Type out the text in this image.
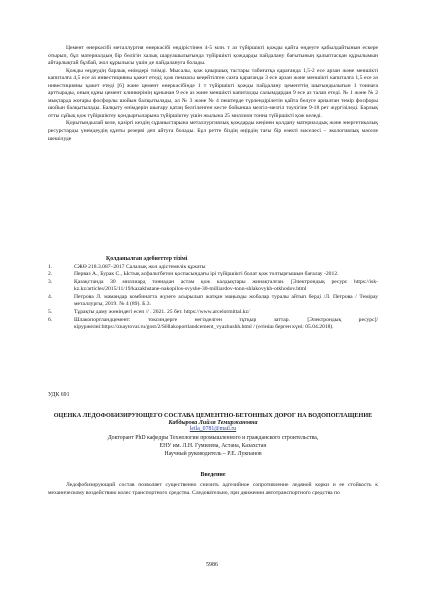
Цемент өнеркәсібі металлургия өнеркәсібі өндірістінен 4-5 млн. т аз түйіршікті қожды қайта өңдеуге қабылдайтынын ескере отырып, бұл материалдың бір бөлігін халық шаруашылығында түйіршікті қождарды пайдалану бағытының қалыптасқан құрылымын айтарлықтай бұзбай, жол құрылысы үшін де пайдалануға болады.

Қожды өңдеудің барлық өнімдері тиімді. Мысалы, қож қиыршық тастары табиғатқа қарағанда 1,5-2 есе арзан және меншікті капиталға 4,5 есе аз инвестицияны қажет етеді; қож пемзасы кеңейтілген сазға қарағанда 3 есе арзан және меншікті капиталға 1,5 есе аз инвестицияны қажет етеді [6] және цемент өнеркәсібінде 1 т түйіршікті қожды пайдалану цементтің шығындылығын 1 тоннаға арттырады, оның құны цемент клинкерінің құнынан 9 есе аз және меншікті капиталды салымдардан 9 есе аз талап етеді. № 1 және № 2 мықтарда жоғары фосфорлы шойын балқытылады, ал № 3 және № 4 пештерде түрлендірілетін қайта бөлуге арналған темір фосфоры шойын балқытылады. Балқыту өнімдерін шығару қатаң белгіленген кесте бойынша мезгіл-мезгіл тәулігіне 9-18 рет жүргізіледі. Барлық отты сұйық қож түйіршіктеу қондырғыларына түйіршіктеу үшін жылына 25 миллион тонна түйіршікті қож келеді.

Қорытындылай келе, қазіргі кездің сұраныстарына металлургиялық қождарды кеңінен қолдану материалдық және энергетикалық ресурстарды үнемдеудің құнты резерві деп айтуға болады. Бұл ретте біздің өңірдің тағы бір өзекті мәселесі – экологиялық мәселе шешілуде

Қолданылған әдебиеттер тізімі

1.	СЖӨ 218.3.087–2017 Салалық жол әдістемелік құжаты
2.	Перваз А., Бурак С., Ыстық асфальтбетон қоспасындағы ірі түйіршікті болат қож толтырғышын бағалау -2012.
3.	Қазақстанда 30 миллиард тоннадан астам қож калдықтары жинақталған. [Электрондық ресурс https://isk-kz.kz/articles/2015/11/19/kazakhstane-nakopilos-svyshe-30-milliardov-tonn-shlakovykh-otkhodov.html
4.	Петрова Л. мамандар комбинатта жүзеге асырылып жатқан маңызды жобалар туралы айтып берді /Л. Петрова / Темірау металлургы, 2019. № 4 (89). Б.3.
5.	Тұрақты даму жөніндегі есеп // . 2021. 25 бет. https://www.arcelormittal.kz/
6.	Шлакопортландцемент: токсиндерге негізделген тұтқыр заттар. [Электрондық ресурс]/кіруржелні:https://znaytovar.ru/gost/2/SHlakoportlandcement_vyazhushh.html / (өтініш берген күні: 05.04.2018).

УДК 691

ОЦЕНКА ЛЕДОФОБИЗИРУЮЩЕГО СОСТАВА ЦЕМЕНТНО-БЕТОННЫХ ДОРОГ НА ВОДОПОГЛАЩЕНИЕ

Кабдырова Лийля Темиржановна

leila_0781@mail.ru

Докторант PhD кафедры Технологии промышленного и гражданского строительства,

ЕНУ им. Л.Н. Гумилева, Астана, Казахстан

Научный руководитель – Р.Е. Лукпанов

Введение

Ледофобизирующий состав позволяет существенно снизить адгезийное сопротивление ледяной корки и ее стойкость к механическому воздействию колес транспортного средства. Следовательно, при движении автотранспортного средства по

5986
